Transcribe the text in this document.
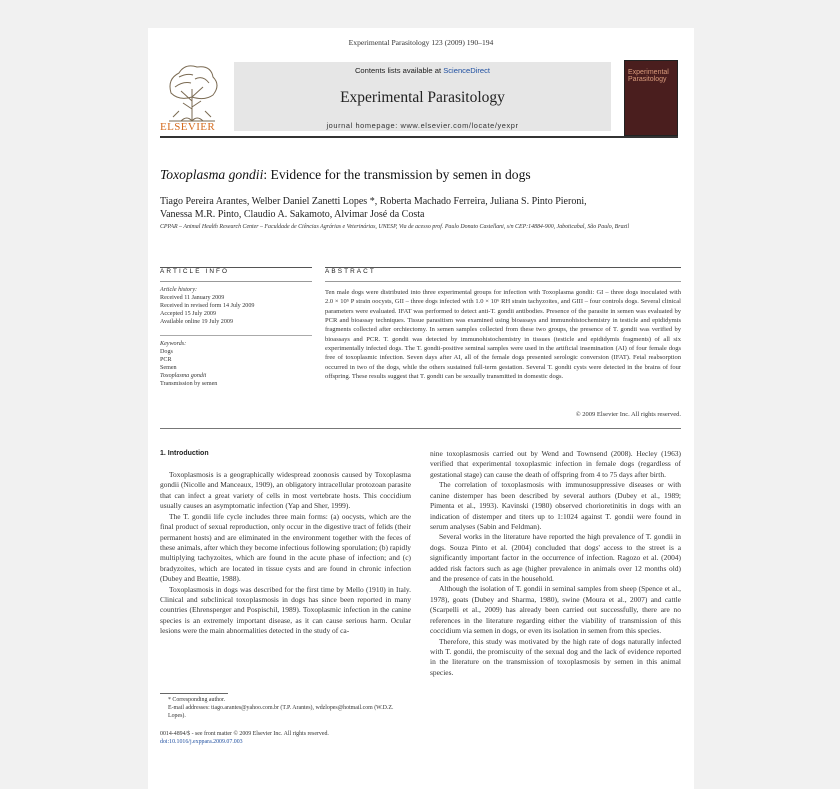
Experimental Parasitology 123 (2009) 190–194
ELSEVIER
Contents lists available at ScienceDirect
Experimental Parasitology
journal homepage: www.elsevier.com/locate/yexpr
Experimental Parasitology
Toxoplasma gondii: Evidence for the transmission by semen in dogs
Tiago Pereira Arantes, Welber Daniel Zanetti Lopes *, Roberta Machado Ferreira, Juliana S. Pinto Pieroni,
Vanessa M.R. Pinto, Claudio A. Sakamoto, Alvimar José da Costa
CPPAR – Animal Health Research Center – Faculdade de Ciências Agrárias e Veterinárias, UNESP, Via de acesso prof. Paulo Donato Castellani, s/n CEP:14884-900, Jaboticabal, São Paulo, Brazil
ARTICLE INFO	ABSTRACT
Article history:
Received 11 January 2009
Received in revised form 14 July 2009
Accepted 15 July 2009
Available online 19 July 2009
Keywords:
Dogs
PCR
Semen
Toxoplasma gondii
Transmission by semen
Ten male dogs were distributed into three experimental groups for infection with Toxoplasma gondii: GI – three dogs inoculated with 2.0 × 10⁵ P strain oocysts, GII – three dogs infected with 1.0 × 10⁶ RH strain tachyzoites, and GIII – four controls dogs. Several clinical parameters were evaluated. IFAT was performed to detect anti-T. gondii antibodies. Presence of the parasite in semen was evaluated by PCR and bioassay techniques. Tissue parasitism was examined using bioassays and immunohistochemistry in testicle and epididymis fragments collected after orchiectomy. In semen samples collected from these two groups, the presence of T. gondii was verified by bioassays and PCR. T. gondii was detected by immunohistochemistry in tissues (testicle and epididymis fragments) of all six experimentally infected dogs. The T. gondii-positive seminal samples were used in the artificial insemination (AI) of four female dogs free of toxoplasmic infection. Seven days after AI, all of the female dogs presented serologic conversion (IFAT). Fetal reabsorption occurred in two of the dogs, while the others sustained full-term gestation. Several T. gondii cysts were detected in the brains of four offspring. These results suggest that T. gondii can be sexually transmitted in domestic dogs.
© 2009 Elsevier Inc. All rights reserved.
1. Introduction

Toxoplasmosis is a geographically widespread zoonosis caused by Toxoplasma gondii (Nicolle and Manceaux, 1909), an obligatory intracellular protozoan parasite that can infect a great variety of cells in most vertebrate hosts. This coccidium usually causes an asymptomatic infection (Yap and Sher, 1999).

The T. gondii life cycle includes three main forms: (a) oocysts, which are the final product of sexual reproduction, only occur in the digestive tract of felids (their permanent hosts) and are eliminated in the environment together with the feces of these animals, after which they become infectious following sporulation; (b) rapidly multiplying tachyzoites, which are found in the acute phase of infection; and (c) bradyzoites, which are located in tissue cysts and are found in chronic infection (Dubey and Beattie, 1988).

Toxoplasmosis in dogs was described for the first time by Mello (1910) in Italy. Clinical and subclinical toxoplasmosis in dogs has since been reported in many countries (Ehrensperger and Pospischil, 1989). Toxoplasmic infection in the canine species is an extremely important disease, as it can cause serious harm. Ocular lesions were the main abnormalities detected in the study of ca-

nine toxoplasmosis carried out by Wend and Townsend (2008). Hecley (1963) verified that experimental toxoplasmic infection in female dogs (regardless of gestational stage) can cause the death of offspring from 4 to 75 days after birth.

The correlation of toxoplasmosis with immunosuppressive diseases or with canine distemper has been described by several authors (Dubey et al., 1989; Pimenta et al., 1993). Kavinski (1980) observed chorioretinitis in dogs with an indication of distemper and titers up to 1:1024 against T. gondii were found in serum analyses (Sabin and Feldman).

Several works in the literature have reported the high prevalence of T. gondii in dogs. Souza Pinto et al. (2004) concluded that dogs' access to the street is a significantly important factor in the occurrence of infection. Ragozo et al. (2004) added risk factors such as age (higher prevalence in animals over 12 months old) and the presence of cats in the household.

Although the isolation of T. gondii in seminal samples from sheep (Spence et al., 1978), goats (Dubey and Sharma, 1980), swine (Moura et al., 2007) and cattle (Scarpelli et al., 2009) has already been carried out successfully, there are no references in the literature regarding either the viability of transmission of this coccidium via semen in dogs, or even its isolation in semen from this species.

Therefore, this study was motivated by the high rate of dogs naturally infected with T. gondii, the promiscuity of the sexual dog and the lack of evidence reported in the literature on the transmission of toxoplasmosis by semen in this animal species.

* Corresponding author.
E-mail addresses: tiago.arantes@yahoo.com.br (T.P. Arantes), wdzlopes@hotmail.com (W.D.Z. Lopes).
0014-4894/$ - see front matter © 2009 Elsevier Inc. All rights reserved.
doi:10.1016/j.exppara.2009.07.003
